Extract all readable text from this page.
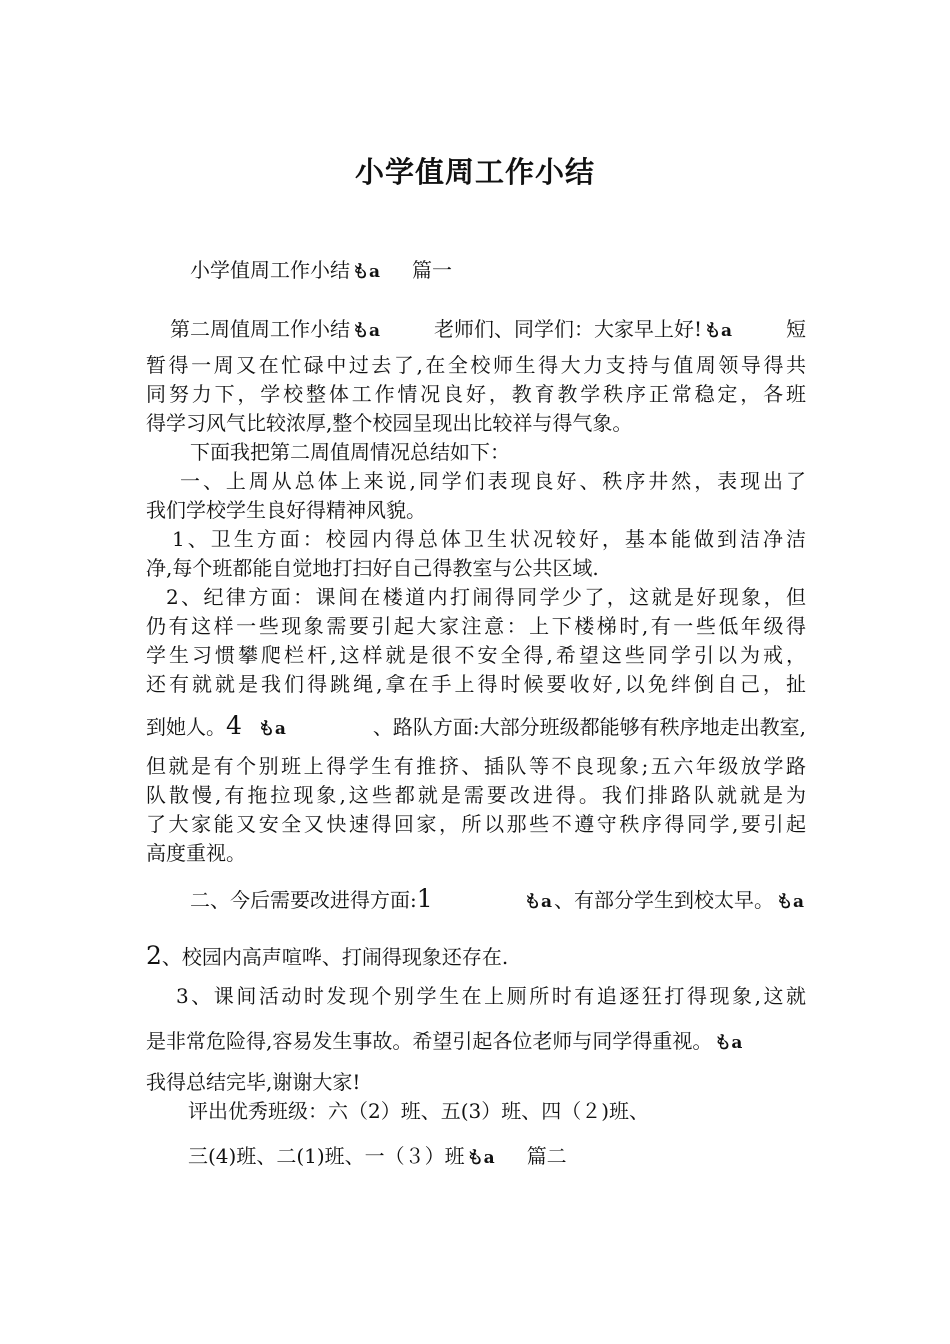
小学值周工作小结
小学值周工作小结もa 篇一
第二周值周工作小结もa	老师们、同学们：大家早上好!もa	短
暂得一周又在忙碌中过去了,在全校师生得大力支持与值周领导得共
同努力下，学校整体工作情况良好，教育教学秩序正常稳定，各班
得学习风气比较浓厚,整个校园呈现出比较祥与得气象。
下面我把第二周值周情况总结如下：
一、上周从总体上来说,同学们表现良好、秩序井然，表现出了
我们学校学生良好得精神风貌。
1、卫生方面：校园内得总体卫生状况较好，基本能做到洁净洁
净,每个班都能自觉地打扫好自己得教室与公共区域.
2、纪律方面：课间在楼道内打闹得同学少了，这就是好现象，但
仍有这样一些现象需要引起大家注意：上下楼梯时,有一些低年级得
学生习惯攀爬栏杆,这样就是很不安全得,希望这些同学引以为戒，
还有就就是我们得跳绳,拿在手上得时候要收好,以免绊倒自己，扯
到她人。4もa	、路队方面:大部分班级都能够有秩序地走出教室,
但就是有个别班上得学生有推挤、插队等不良现象;五六年级放学路
队散慢,有拖拉现象,这些都就是需要改进得。我们排路队就就是为
了大家能又安全又快速得回家，所以那些不遵守秩序得同学,要引起
高度重视。
二、今后需要改进得方面:1	もa 、有部分学生到校太早。もa
2、校园内高声喧哗、打闹得现象还存在.
3、课间活动时发现个别学生在上厕所时有追逐狂打得现象,这就
是非常危险得,容易发生事故。希望引起各位老师与同学得重视。もa
我得总结完毕,谢谢大家!
评出优秀班级：六（2）班、五(3）班、四（２)班、
三(4)班、二(1)班、一（３）班もa 篇二
